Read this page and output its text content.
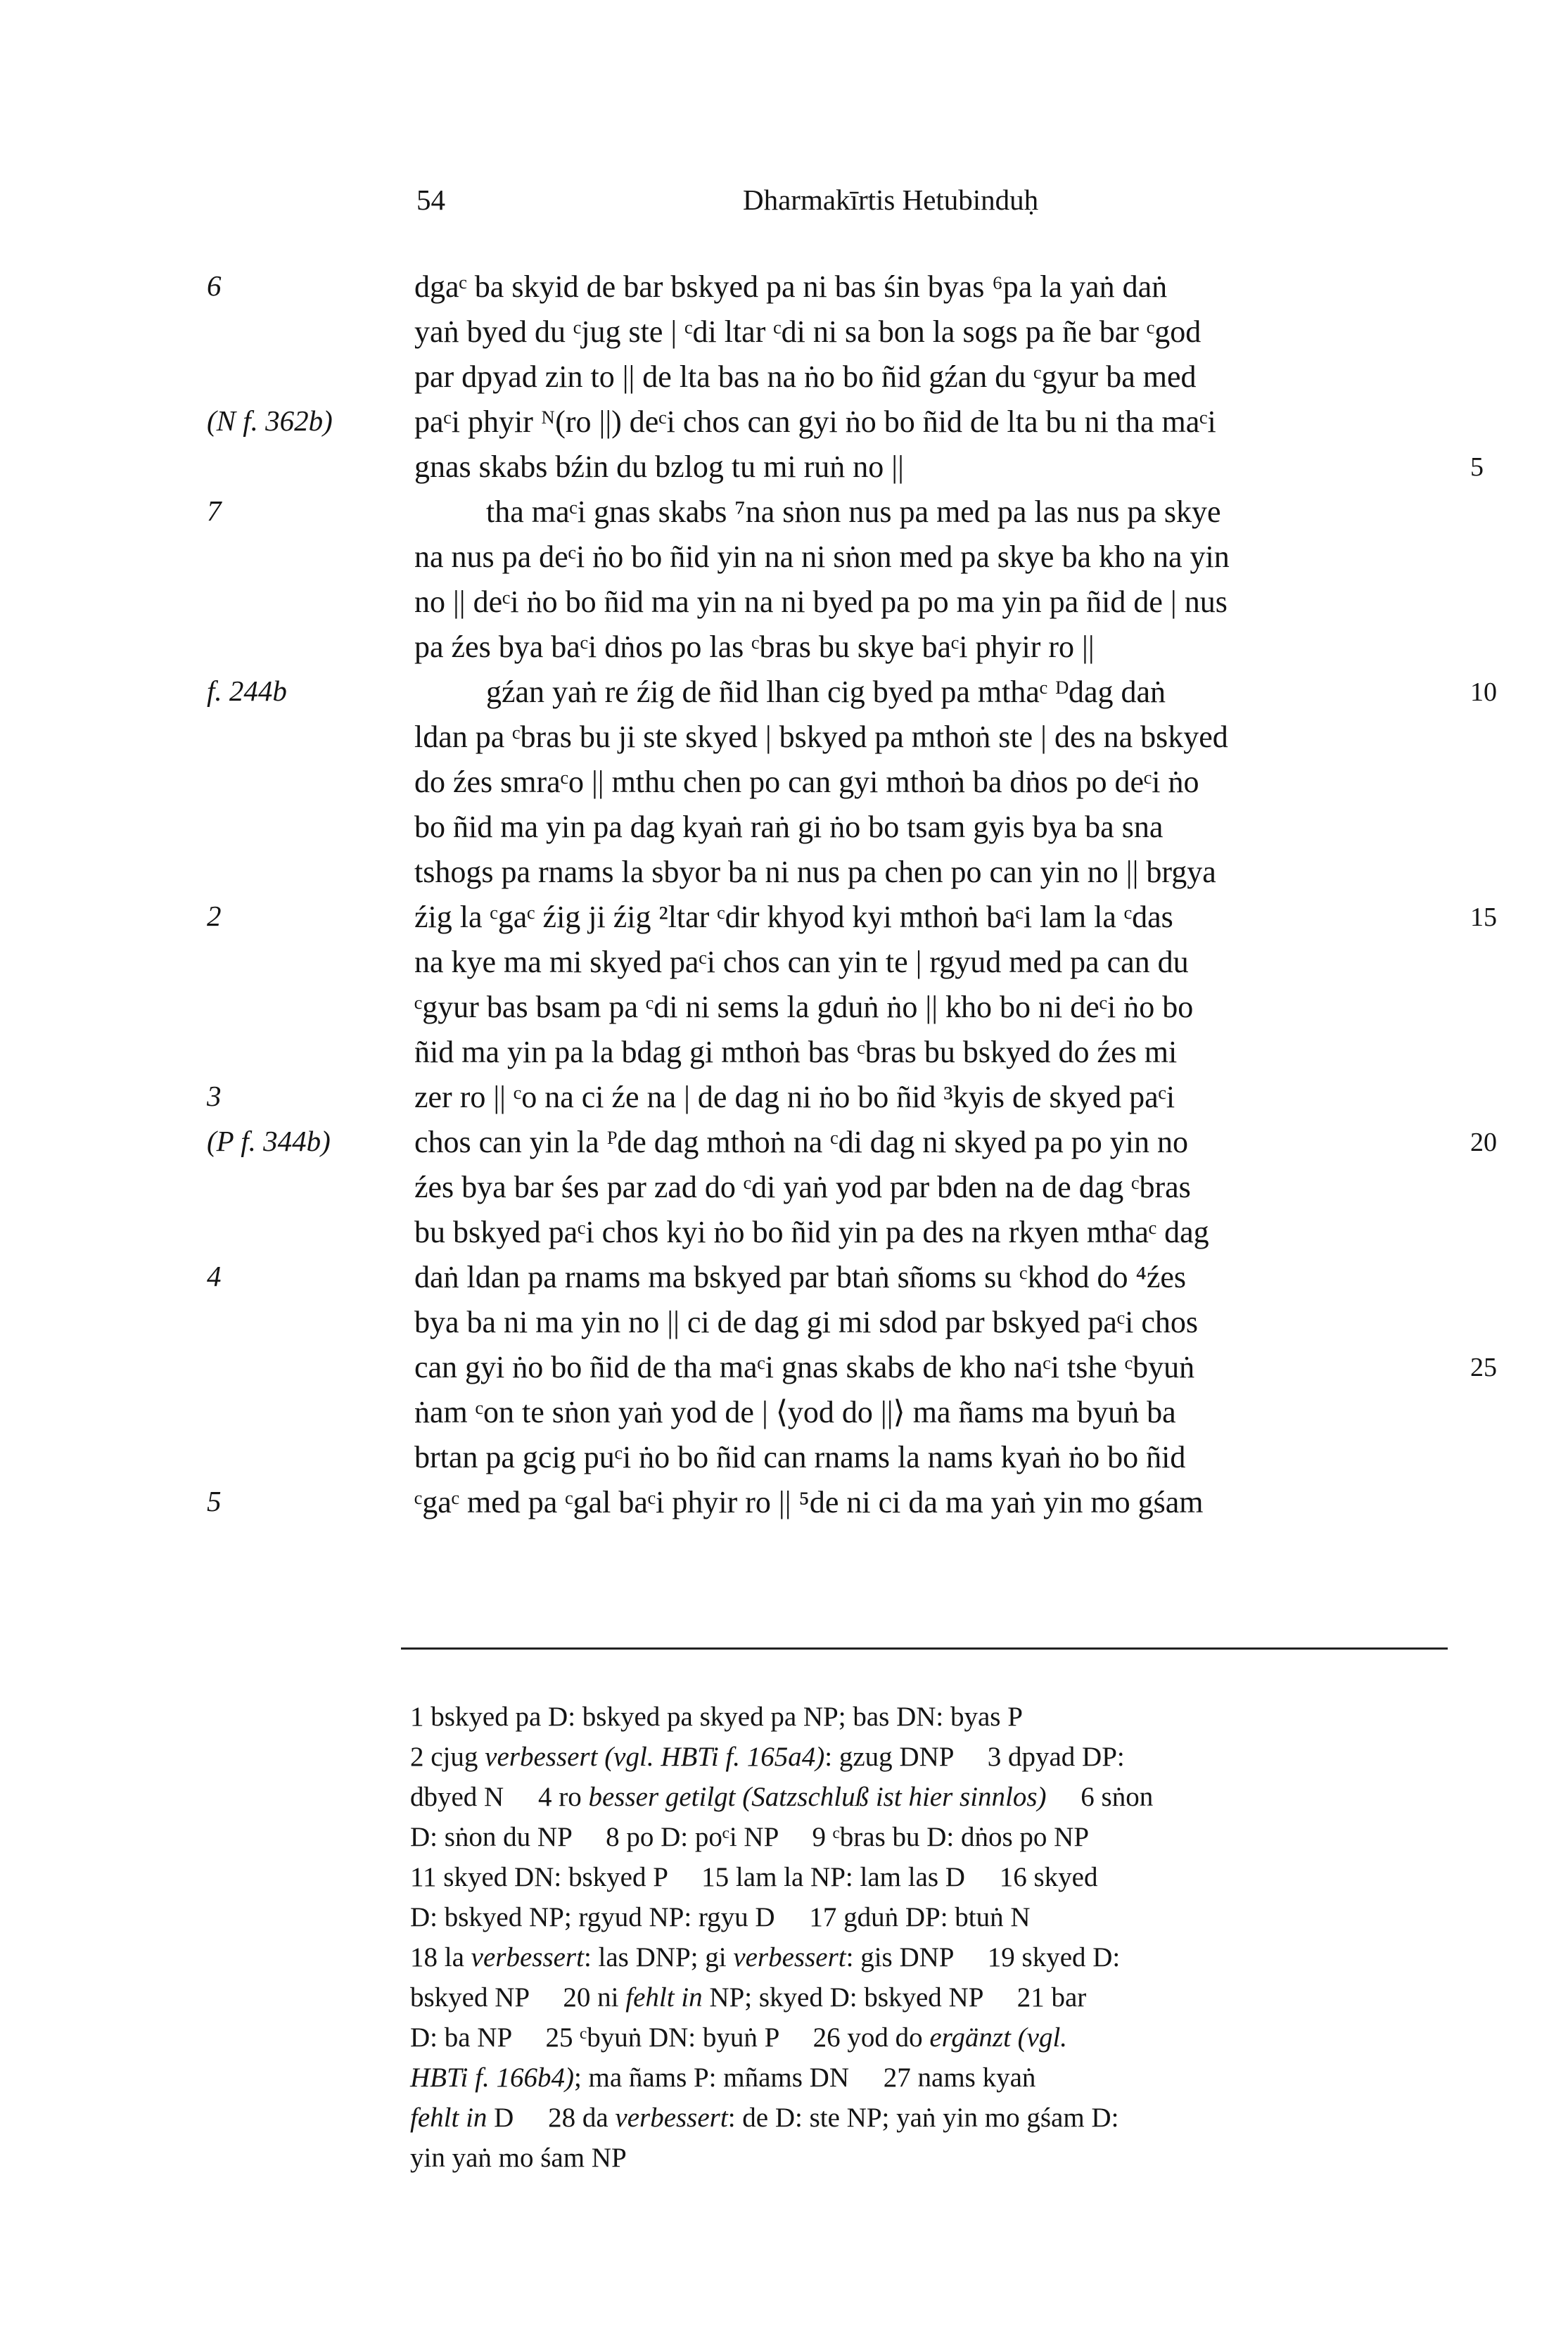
54	Dharmakīrtis Hetubinduḥ
6	dgaᶜ ba skyid de bar bskyed pa ni bas śin byas ⁶pa la yaṅ daṅ
yaṅ byed du ᶜjug ste | ᶜdi ltar ᶜdi ni sa bon la sogs pa ñe bar ᶜgod
par dpyad zin to || de lta bas na ṅo bo ñid gźan du ᶜgyur ba med
(N f. 362b)	paᶜi phyir ᴺ(ro ||) deᶜi chos can gyi ṅo bo ñid de lta bu ni tha maᶜi
gnas skabs bźin du bzlog tu mi ruṅ no ||	5
7	tha maᶜi gnas skabs ⁷na sṅon nus pa med pa las nus pa skye
na nus pa deᶜi ṅo bo ñid yin na ni sṅon med pa skye ba kho na yin
no || deᶜi ṅo bo ñid ma yin na ni byed pa po ma yin pa ñid de | nus
pa źes bya baᶜi dṅos po las ᶜbras bu skye baᶜi phyir ro ||
f. 244b	gźan yaṅ re źig de ñid lhan cig byed pa mthaᶜ ᴰdag daṅ	10
ldan pa ᶜbras bu ji ste skyed | bskyed pa mthoṅ ste | des na bskyed
do źes smraᶜo || mthu chen po can gyi mthoṅ ba dṅos po deᶜi ṅo
bo ñid ma yin pa dag kyaṅ raṅ gi ṅo bo tsam gyis bya ba sna
tshogs pa rnams la sbyor ba ni nus pa chen po can yin no || brgya
2	źig la ᶜgaᶜ źig ji źig ²ltar ᶜdir khyod kyi mthoṅ baᶜi lam la ᶜdas	15
na kye ma mi skyed paᶜi chos can yin te | rgyud med pa can du
ᶜgyur bas bsam pa ᶜdi ni sems la gduṅ ṅo || kho bo ni deᶜi ṅo bo
ñid ma yin pa la bdag gi mthoṅ bas ᶜbras bu bskyed do źes mi
3	zer ro || ᶜo na ci źe na | de dag ni ṅo bo ñid ³kyis de skyed paᶜi
(P f. 344b)	chos can yin la ᴾde dag mthoṅ na ᶜdi dag ni skyed pa po yin no	20
źes bya bar śes par zad do ᶜdi yaṅ yod par bden na de dag ᶜbras
bu bskyed paᶜi chos kyi ṅo bo ñid yin pa des na rkyen mthaᶜ dag
4	daṅ ldan pa rnams ma bskyed par btaṅ sñoms su ᶜkhod do ⁴źes
bya ba ni ma yin no || ci de dag gi mi sdod par bskyed paᶜi chos
can gyi ṅo bo ñid de tha maᶜi gnas skabs de kho naᶜi tshe ᶜbyuṅ	25
ṅam ᶜon te sṅon yaṅ yod de | ⟨yod do ||⟩ ma ñams ma byuṅ ba
brtan pa gcig puᶜi ṅo bo ñid can rnams la nams kyaṅ ṅo bo ñid
5	ᶜgaᶜ med pa ᶜgal baᶜi phyir ro || ⁵de ni ci da ma yaṅ yin mo gśam
1 bskyed pa D: bskyed pa skyed pa NP; bas DN: byas P
2 cjug verbessert (vgl. HBTi f. 165a4): gzug DNP     3 dpyad DP:
dbyed N     4 ro besser getilgt (Satzschluß ist hier sinnlos)     6 sṅon
D: sṅon du NP     8 po D: poᶜi NP     9 ᶜbras bu D: dṅos po NP
11 skyed DN: bskyed P     15 lam la NP: lam las D     16 skyed
D: bskyed NP; rgyud NP: rgyu D     17 gduṅ DP: btuṅ N
18 la verbessert: las DNP; gi verbessert: gis DNP     19 skyed D:
bskyed NP     20 ni fehlt in NP; skyed D: bskyed NP     21 bar
D: ba NP     25 ᶜbyuṅ DN: byuṅ P     26 yod do ergänzt (vgl.
HBTi f. 166b4); ma ñams P: mñams DN     27 nams kyaṅ
fehlt in D     28 da verbessert: de D: ste NP; yaṅ yin mo gśam D:
yin yaṅ mo śam NP
